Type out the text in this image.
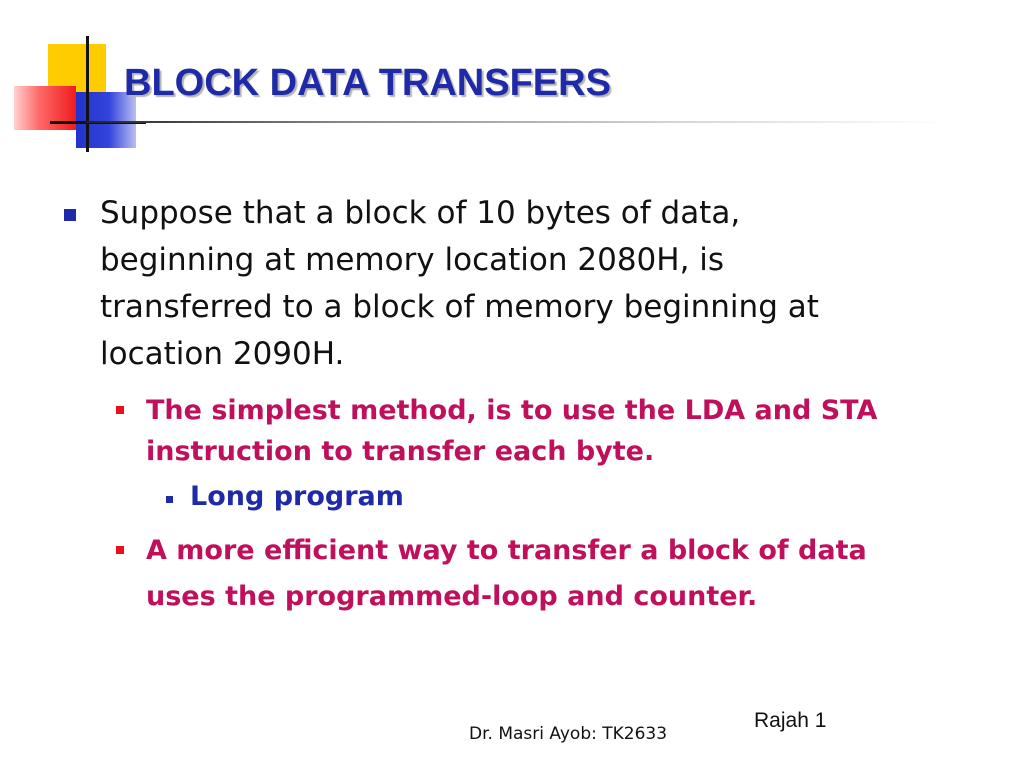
BLOCK DATA TRANSFERS
Suppose that a block of 10 bytes of data,
beginning at memory location 2080H, is
transferred to a block of memory beginning at
location 2090H.
The simplest method, is to use the LDA and STA
instruction to transfer each byte.
Long program
A more efficient way to transfer a block of data
uses the programmed-loop and counter.
Dr. Masri Ayob: TK2633
Rajah 1
